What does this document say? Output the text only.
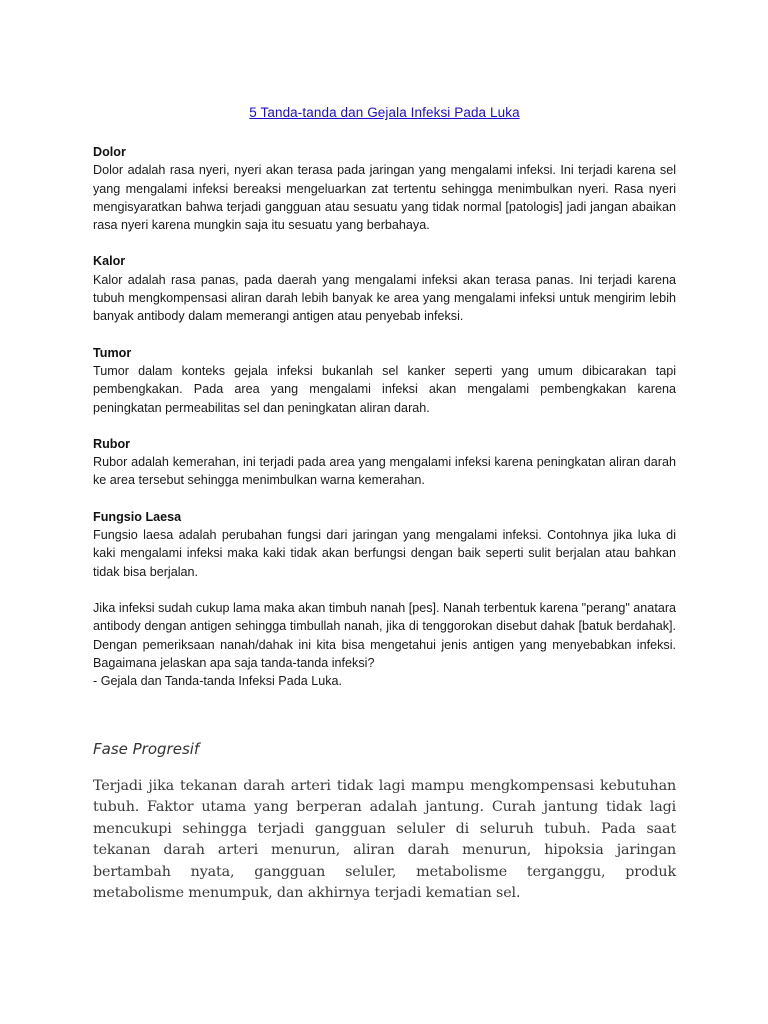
5 Tanda-tanda dan Gejala Infeksi Pada Luka
Dolor

Dolor adalah rasa nyeri, nyeri akan terasa pada jaringan yang mengalami infeksi. Ini terjadi karena sel yang mengalami infeksi bereaksi mengeluarkan zat tertentu sehingga menimbulkan nyeri. Rasa nyeri mengisyaratkan bahwa terjadi gangguan atau sesuatu yang tidak normal [patologis] jadi jangan abaikan rasa nyeri karena mungkin saja itu sesuatu yang berbahaya.

Kalor

Kalor adalah rasa panas, pada daerah yang mengalami infeksi akan terasa panas. Ini terjadi karena tubuh mengkompensasi aliran darah lebih banyak ke area yang mengalami infeksi untuk mengirim lebih banyak antibody dalam memerangi antigen atau penyebab infeksi.

Tumor

Tumor dalam konteks gejala infeksi bukanlah sel kanker seperti yang umum dibicarakan tapi pembengkakan. Pada area yang mengalami infeksi akan mengalami pembengkakan karena peningkatan permeabilitas sel dan peningkatan aliran darah.

Rubor

Rubor adalah kemerahan, ini terjadi pada area yang mengalami infeksi karena peningkatan aliran darah ke area tersebut sehingga menimbulkan warna kemerahan.

Fungsio Laesa

Fungsio laesa adalah perubahan fungsi dari jaringan yang mengalami infeksi. Contohnya jika luka di kaki mengalami infeksi maka kaki tidak akan berfungsi dengan baik seperti sulit berjalan atau bahkan tidak bisa berjalan.

Jika infeksi sudah cukup lama maka akan timbuh nanah [pes]. Nanah terbentuk karena "perang" anatara antibody dengan antigen sehingga timbullah nanah, jika di tenggorokan disebut dahak [batuk berdahak]. Dengan pemeriksaan nanah/dahak ini kita bisa mengetahui jenis antigen yang menyebabkan infeksi. Bagaimana jelaskan apa saja tanda-tanda infeksi?

- Gejala dan Tanda-tanda Infeksi Pada Luka.

Fase Progresif
Terjadi jika tekanan darah arteri tidak lagi mampu mengkompensasi kebutuhan tubuh. Faktor utama yang berperan adalah jantung. Curah jantung tidak lagi mencukupi sehingga terjadi gangguan seluler di seluruh tubuh. Pada saat tekanan darah arteri menurun, aliran darah menurun, hipoksia jaringan bertambah nyata, gangguan seluler, metabolisme terganggu, produk metabolisme menumpuk, dan akhirnya terjadi kematian sel.
